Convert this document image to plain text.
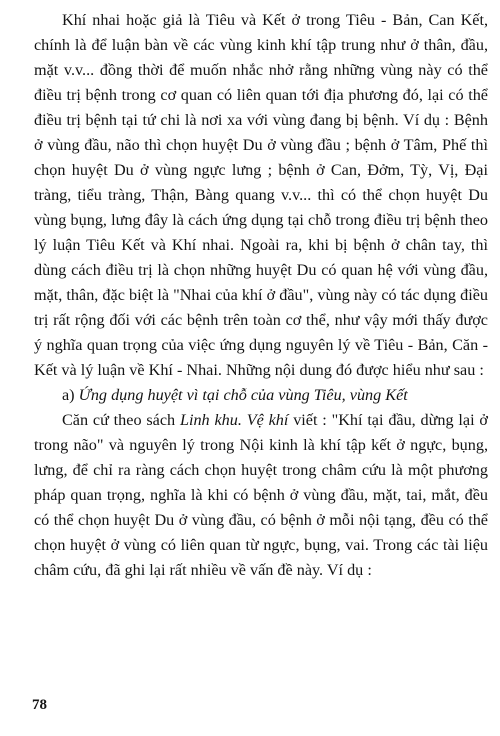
Khí nhai hoặc giả là Tiêu và Kết ở trong Tiêu - Bản, Can Kết, chính là để luận bàn về các vùng kinh khí tập trung như ở thân, đầu, mặt v.v... đồng thời để muốn nhắc nhở rằng những vùng này có thể điều trị bệnh trong cơ quan có liên quan tới địa phương đó, lại có thể điều trị bệnh tại tứ chi là nơi xa với vùng đang bị bệnh. Ví dụ : Bệnh ở vùng đầu, não thì chọn huyệt Du ở vùng đầu ; bệnh ở Tâm, Phế thì chọn huyệt Du ở vùng ngực lưng ; bệnh ở Can, Đởm, Tỳ, Vị, Đại tràng, tiểu tràng, Thận, Bàng quang v.v... thì có thể chọn huyệt Du vùng bụng, lưng đây là cách ứng dụng tại chỗ trong điều trị bệnh theo lý luận Tiêu Kết và Khí nhai. Ngoài ra, khi bị bệnh ở chân tay, thì dùng cách điều trị là chọn những huyệt Du có quan hệ với vùng đầu, mặt, thân, đặc biệt là "Nhai của khí ở đầu", vùng này có tác dụng điều trị rất rộng đối với các bệnh trên toàn cơ thể, như vậy mới thấy được ý nghĩa quan trọng của việc ứng dụng nguyên lý về Tiêu - Bản, Căn - Kết và lý luận về Khí - Nhai. Những nội dung đó được hiểu như sau :

a) Ứng dụng huyệt vì tại chỗ của vùng Tiêu, vùng Kết

Căn cứ theo sách Linh khu. Vệ khí viết : "Khí tại đầu, dừng lại ở trong não" và nguyên lý trong Nội kinh là khí tập kết ở ngực, bụng, lưng, để chỉ ra ràng cách chọn huyệt trong châm cứu là một phương pháp quan trọng, nghĩa là khi có bệnh ở vùng đầu, mặt, tai, mắt, đều có thể chọn huyệt Du ở vùng đầu, có bệnh ở mỗi nội tạng, đều có thể chọn huyệt ở vùng có liên quan từ ngực, bụng, vai. Trong các tài liệu châm cứu, đã ghi lại rất nhiều về vấn đề này. Ví dụ :

78
